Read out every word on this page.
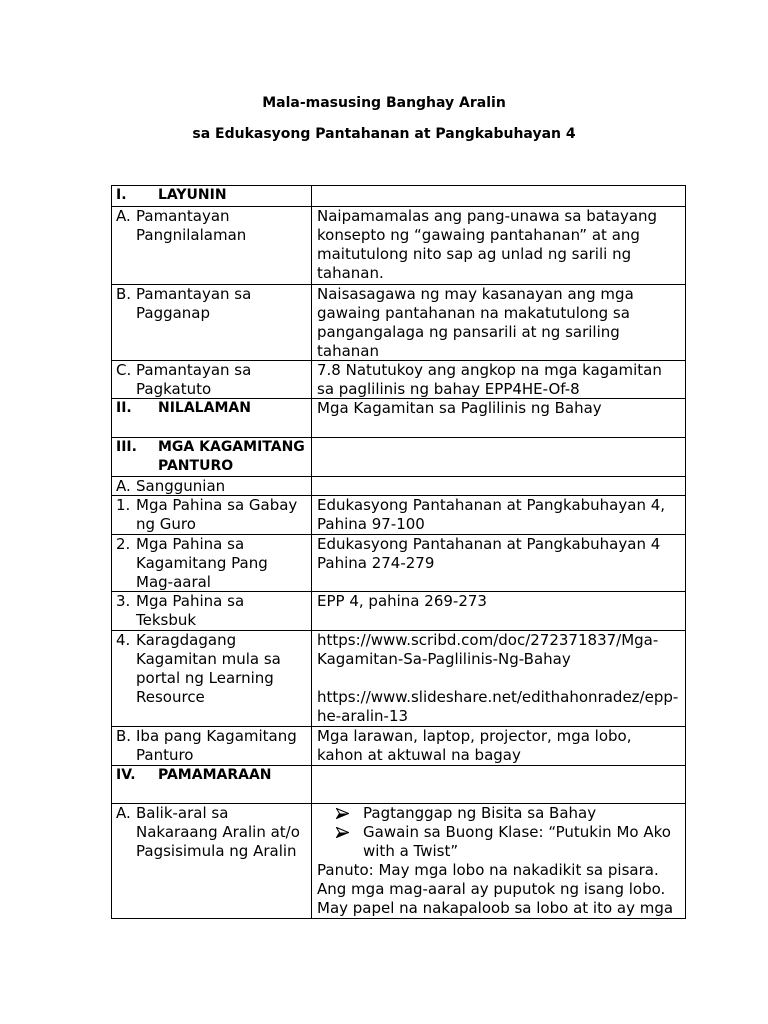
Mala-masusing Banghay Aralin
sa Edukasyong Pantahanan at Pangkabuhayan 4
I. LAYUNIN
A. Pamantayan
Pangnilalaman
Naipamamalas ang pang-unawa sa batayang
konsepto ng “gawaing pantahanan” at ang
maitutulong nito sap ag unlad ng sarili ng
tahanan.
B. Pamantayan sa
Pagganap
Naisasagawa ng may kasanayan ang mga
gawaing pantahanan na makatutulong sa
pangangalaga ng pansarili at ng sariling
tahanan
C. Pamantayan sa
Pagkatuto
7.8 Natutukoy ang angkop na mga kagamitan
sa paglilinis ng bahay EPP4HE-Of-8
II. NILALAMAN	Mga Kagamitan sa Paglilinis ng Bahay
III. MGA KAGAMITANG
PANTURO
A. Sanggunian
1. Mga Pahina sa Gabay
ng Guro
Edukasyong Pantahanan at Pangkabuhayan 4,
Pahina 97-100
2. Mga Pahina sa
Kagamitang Pang
Mag-aaral
Edukasyong Pantahanan at Pangkabuhayan 4
Pahina 274-279
3. Mga Pahina sa
Teksbuk
EPP 4, pahina 269-273
4. Karagdagang
Kagamitan mula sa
portal ng Learning
Resource
https://www.scribd.com/doc/272371837/Mga-
Kagamitan-Sa-Paglilinis-Ng-Bahay
https://www.slideshare.net/edithahonradez/epp-
he-aralin-13
B. Iba pang Kagamitang
Panturo
Mga larawan, laptop, projector, mga lobo,
kahon at aktuwal na bagay
IV. PAMAMARAAN
A. Balik-aral sa
Nakaraang Aralin at/o
Pagsisimula ng Aralin
Pagtanggap ng Bisita sa Bahay
Gawain sa Buong Klase: “Putukin Mo Ako
with a Twist”
Panuto: May mga lobo na nakadikit sa pisara.
Ang mga mag-aaral ay puputok ng isang lobo.
May papel na nakapaloob sa lobo at ito ay mga
